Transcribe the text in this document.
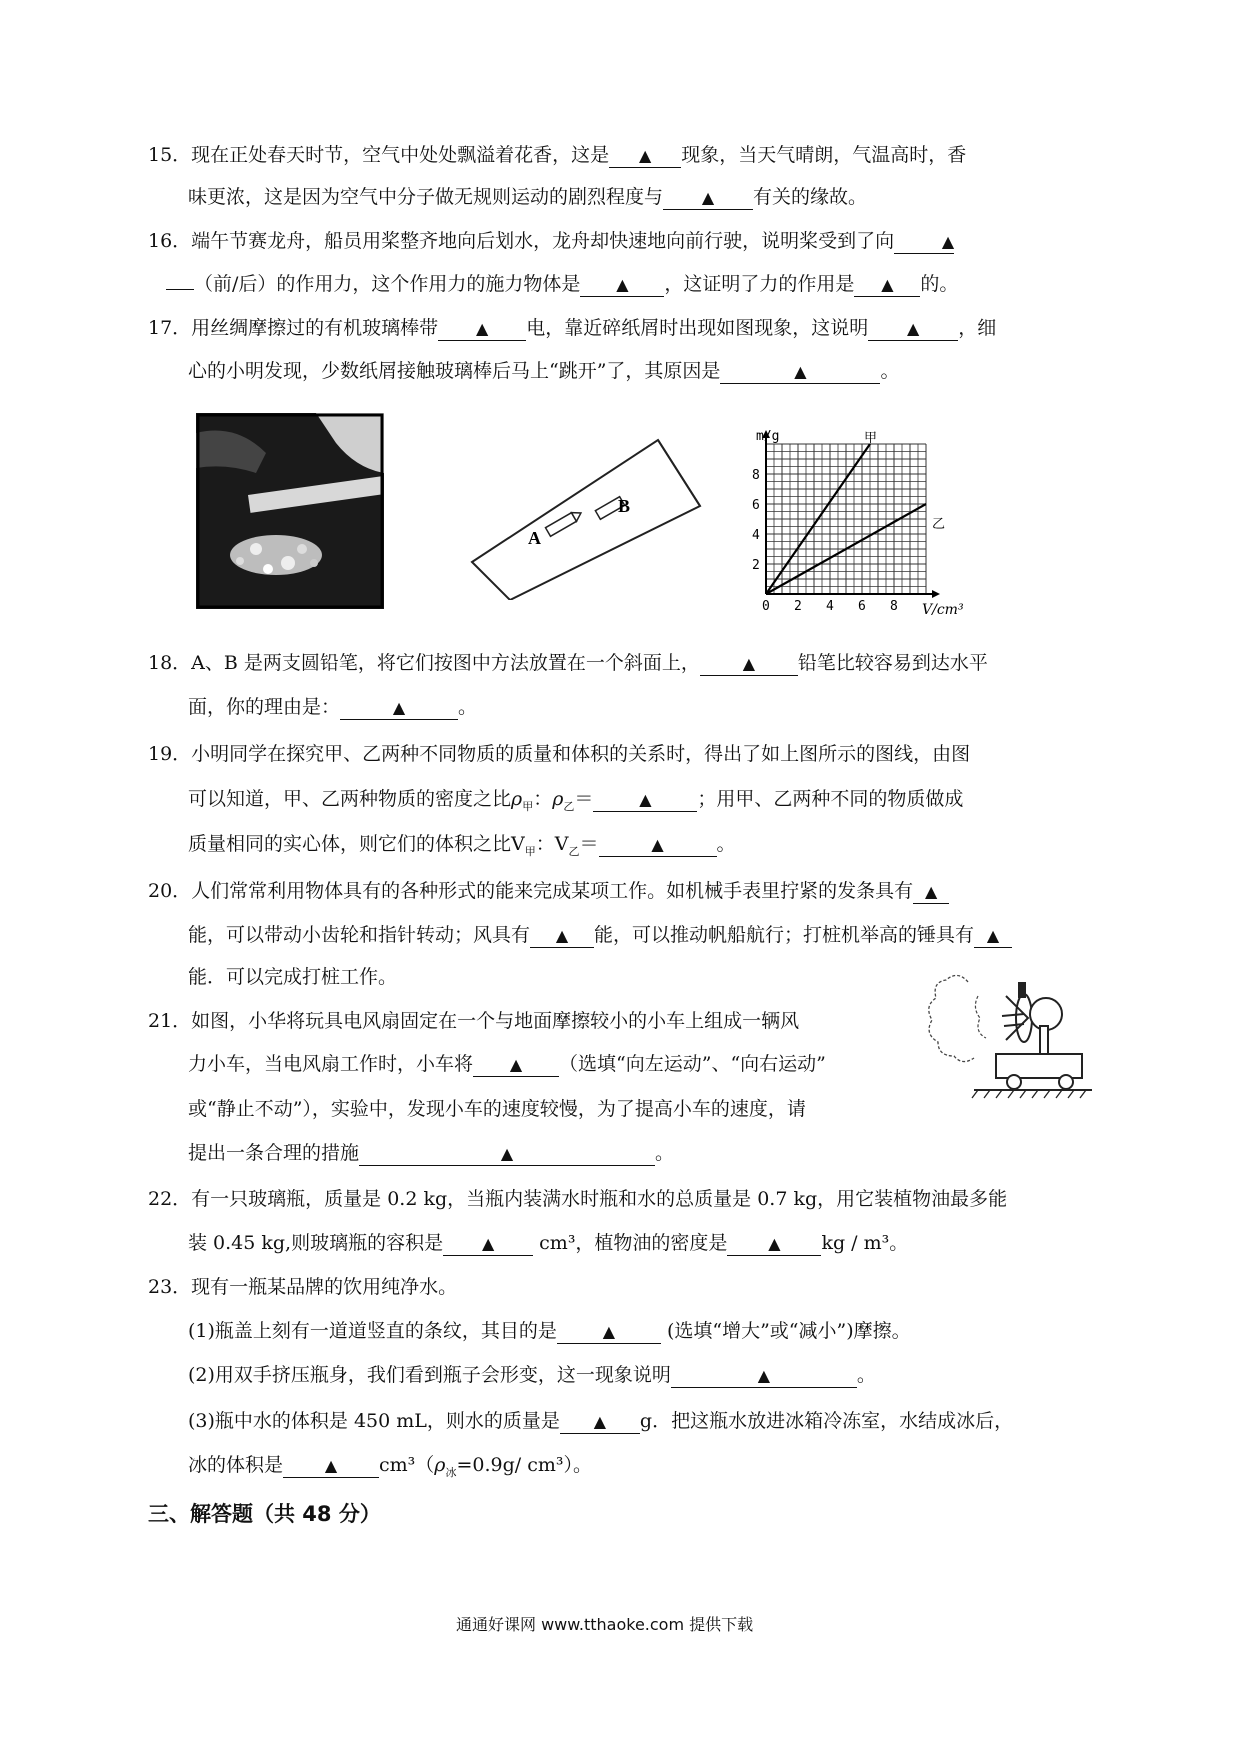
15．现在正处春天时节，空气中处处飘溢着花香，这是 ▲ 现象，当天气晴朗，气温高时，香
味更浓，这是因为空气中分子做无规则运动的剧烈程度与 ▲ 有关的缘故。
16．端午节赛龙舟，船员用桨整齐地向后划水，龙舟却快速地向前行驶，说明桨受到了向	▲
（前/后）的作用力，这个作用力的施力物体是 ▲ ，这证明了力的作用是 ▲ 的。
17．用丝绸摩擦过的有机玻璃棒带 ▲ 电，靠近碎纸屑时出现如图现象，这说明 ▲ ，细
心的小明发现，少数纸屑接触玻璃棒后马上“跳开”了，其原因是	▲	。
A
B
0 2 4 6 8
2
4
6
8
m/g
V/cm³
甲
乙
18．A、B 是两支圆铅笔，将它们按图中方法放置在一个斜面上，	▲ 铅笔比较容易到达水平
面，你的理由是：	▲	。
19．小明同学在探究甲、乙两种不同物质的质量和体积的关系时，得出了如上图所示的图线，由图
可以知道，甲、乙两种物质的密度之比$\rho_甲$：$\rho_乙=$	▲ ；用甲、乙两种不同的物质做成
质量相同的实心体，则它们的体积之比$V_甲$：$V_乙=$	▲	。
20．人们常常利用物体具有的各种形式的能来完成某项工作。如机械手表里拧紧的发条具有 ▲
能，可以带动小齿轮和指针转动；风具有 ▲ 能，可以推动帆船航行；打桩机举高的锤具有 ▲
能．可以完成打桩工作。
21．如图，小华将玩具电风扇固定在一个与地面摩擦较小的小车上组成一辆风
力小车，当电风扇工作时，小车将 ▲ （选填“向左运动”、“向右运动”
或“静止不动”），实验中，发现小车的速度较慢，为了提高小车的速度，请
提出一条合理的措施	▲	。
22．有一只玻璃瓶，质量是 0.2 kg，当瓶内装满水时瓶和水的总质量是 0.7 kg，用它装植物油最多能
装 0.45 kg,则玻璃瓶的容积是 ▲ cm³，植物油的密度是	▲ kg / m³。
23．现有一瓶某品牌的饮用纯净水。
(1)瓶盖上刻有一道道竖直的条纹，其目的是	▲	(选填“增大”或“减小”)摩擦。
(2)用双手挤压瓶身，我们看到瓶子会形变，这一现象说明	▲	。
(3)瓶中水的体积是 450 mL，则水的质量是 ▲ g．把这瓶水放进冰箱冷冻室，水结成冰后，
冰的体积是	▲ $cm^3(\rho_冰=0.9g/$ cm³）。
三、解答题（共 48 分）
通通好课网 www.tthaoke.com 提供下载
